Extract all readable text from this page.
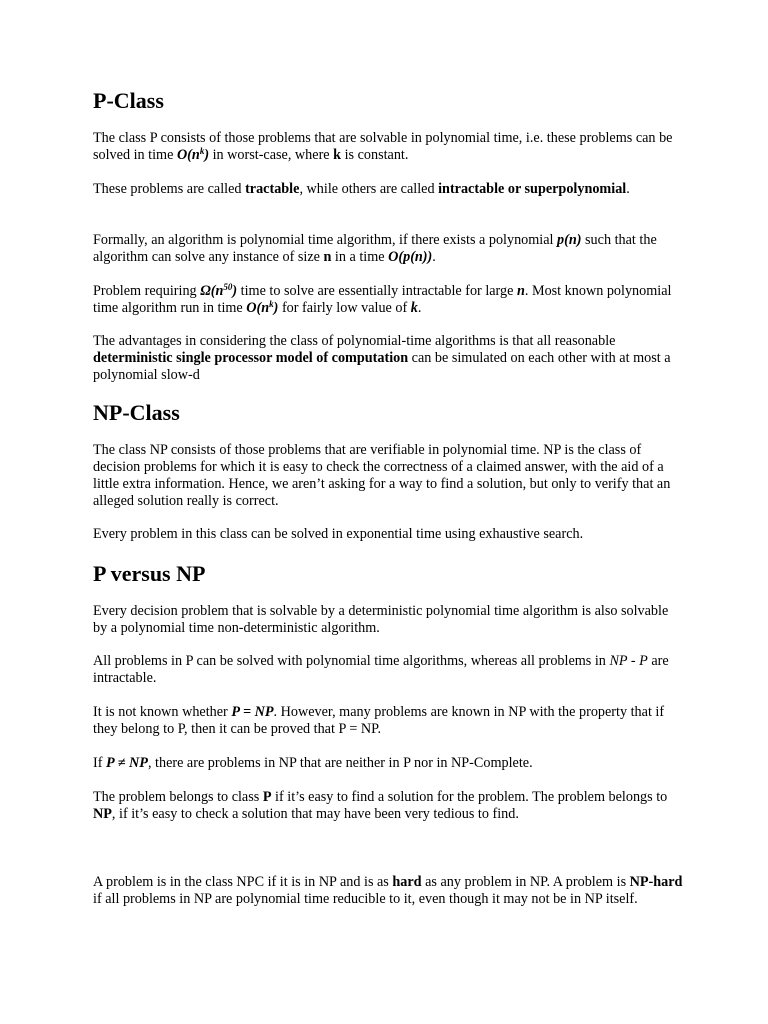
P-Class

The class P consists of those problems that are solvable in polynomial time, i.e. these problems can be solved in time $O(n^k)$ in worst-case, where k is constant.

These problems are called tractable, while others are called intractable or superpolynomial.

Formally, an algorithm is polynomial time algorithm, if there exists a polynomial p(n) such that the algorithm can solve any instance of size n in a time O(p(n)).

Problem requiring $\Omega(n^{50})$ time to solve are essentially intractable for large n. Most known polynomial time algorithm run in time $O(n^k)$ for fairly low value of k.

The advantages in considering the class of polynomial-time algorithms is that all reasonable deterministic single processor model of computation can be simulated on each other with at most a polynomial slow-d

NP-Class

The class NP consists of those problems that are verifiable in polynomial time. NP is the class of decision problems for which it is easy to check the correctness of a claimed answer, with the aid of a little extra information. Hence, we aren’t asking for a way to find a solution, but only to verify that an alleged solution really is correct.

Every problem in this class can be solved in exponential time using exhaustive search.

P versus NP

Every decision problem that is solvable by a deterministic polynomial time algorithm is also solvable by a polynomial time non-deterministic algorithm.

All problems in P can be solved with polynomial time algorithms, whereas all problems in NP - P are intractable.

It is not known whether P = NP. However, many problems are known in NP with the property that if they belong to P, then it can be proved that P = NP.

If P ≠ NP, there are problems in NP that are neither in P nor in NP-Complete.

The problem belongs to class P if it’s easy to find a solution for the problem. The problem belongs to NP, if it’s easy to check a solution that may have been very tedious to find.

A problem is in the class NPC if it is in NP and is as hard as any problem in NP. A problem is NP-hard if all problems in NP are polynomial time reducible to it, even though it may not be in NP itself.
